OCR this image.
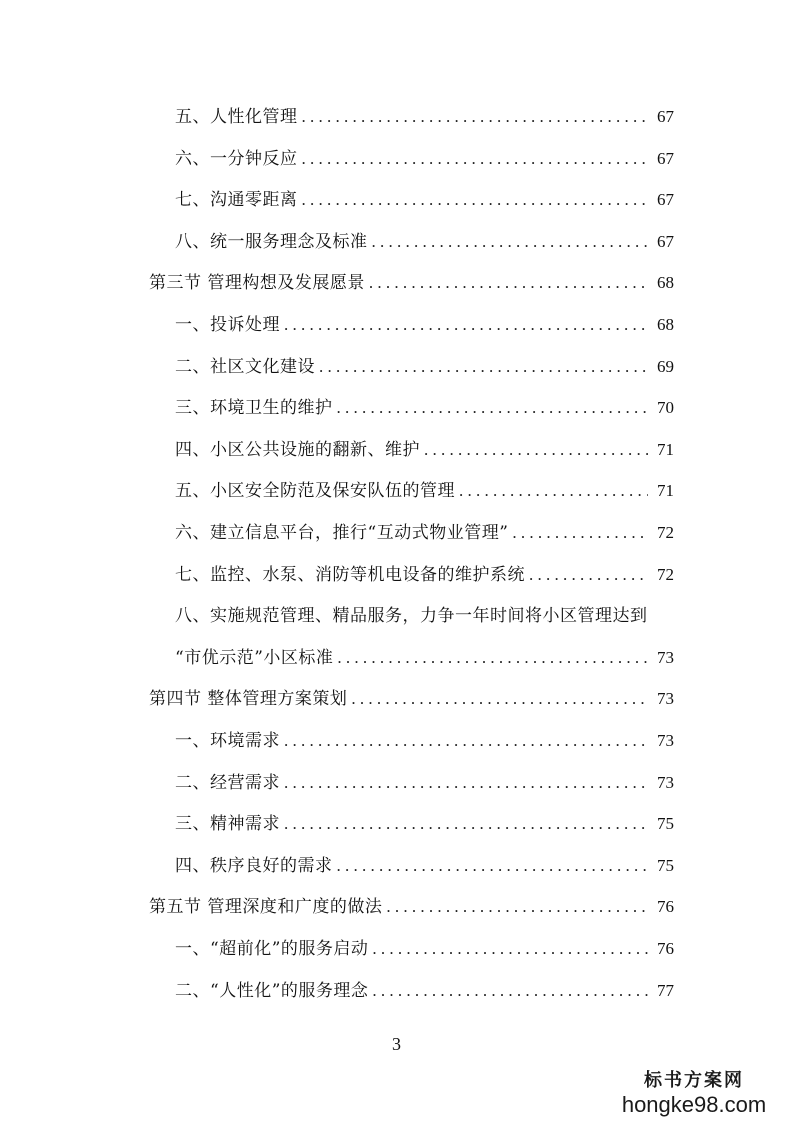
五、人性化管理 . . .	67
六、一分钟反应 . . .	67
七、沟通零距离 . . .	67
八、统一服务理念及标准 . . .	67
第三节 管理构想及发展愿景 . . .	68
一、投诉处理 . . .	68
二、社区文化建设 . . .	69
三、环境卫生的维护 . . .	70
四、小区公共设施的翻新、维护 . . .	71
五、小区安全防范及保安队伍的管理 . . .	71
六、建立信息平台，推行“互动式物业管理” . . .	72
七、监控、水泵、消防等机电设备的维护系统 . . .	72
八、实施规范管理、精品服务，力争一年时间将小区管理达到
“市优示范”小区标准 . . .	73
第四节 整体管理方案策划 . . .	73
一、环境需求 . . .	73
二、经营需求 . . .	73
三、精神需求 . . .	75
四、秩序良好的需求 . . .	75
第五节 管理深度和广度的做法 . . .	76
一、“超前化”的服务启动 . . .	76
二、“人性化”的服务理念 . . .	77
3
标书方案网
hongke98.com
